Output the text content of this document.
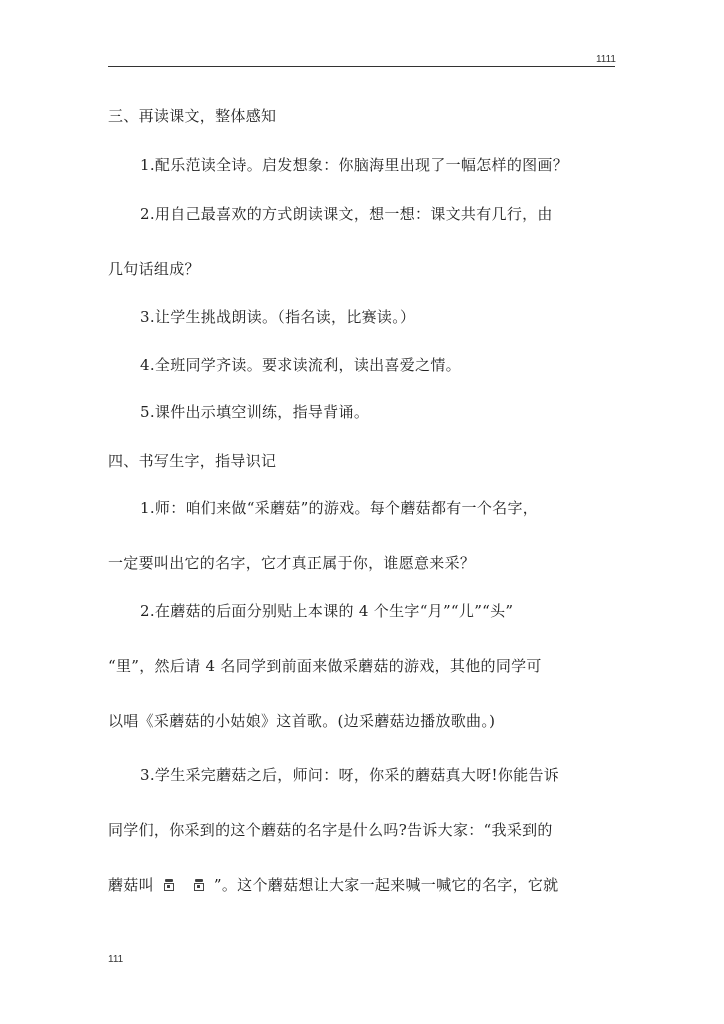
1111
三、再读课文，整体感知
1.配乐范读全诗。启发想象：你脑海里出现了一幅怎样的图画？
2.用自己最喜欢的方式朗读课文，想一想：课文共有几行，由
几句话组成？
3.让学生挑战朗读。（指名读，比赛读。）
4.全班同学齐读。要求读流利，读出喜爱之情。
5.课件出示填空训练，指导背诵。
四、书写生字，指导识记
1.师：咱们来做“采蘑菇”的游戏。每个蘑菇都有一个名字，
一定要叫出它的名字，它才真正属于你，谁愿意来采？
2.在蘑菇的后面分别贴上本课的 4 个生字“月”“儿”“头”
“里”，然后请 4 名同学到前面来做采蘑菇的游戏，其他的同学可
以唱《采蘑菇的小姑娘》这首歌。(边采蘑菇边播放歌曲。)
3.学生采完蘑菇之后，师问：呀，你采的蘑菇真大呀!你能告诉
同学们，你采到的这个蘑菇的名字是什么吗?告诉大家：“我采到的
蘑菇叫	”。这个蘑菇想让大家一起来喊一喊它的名字，它就
111
